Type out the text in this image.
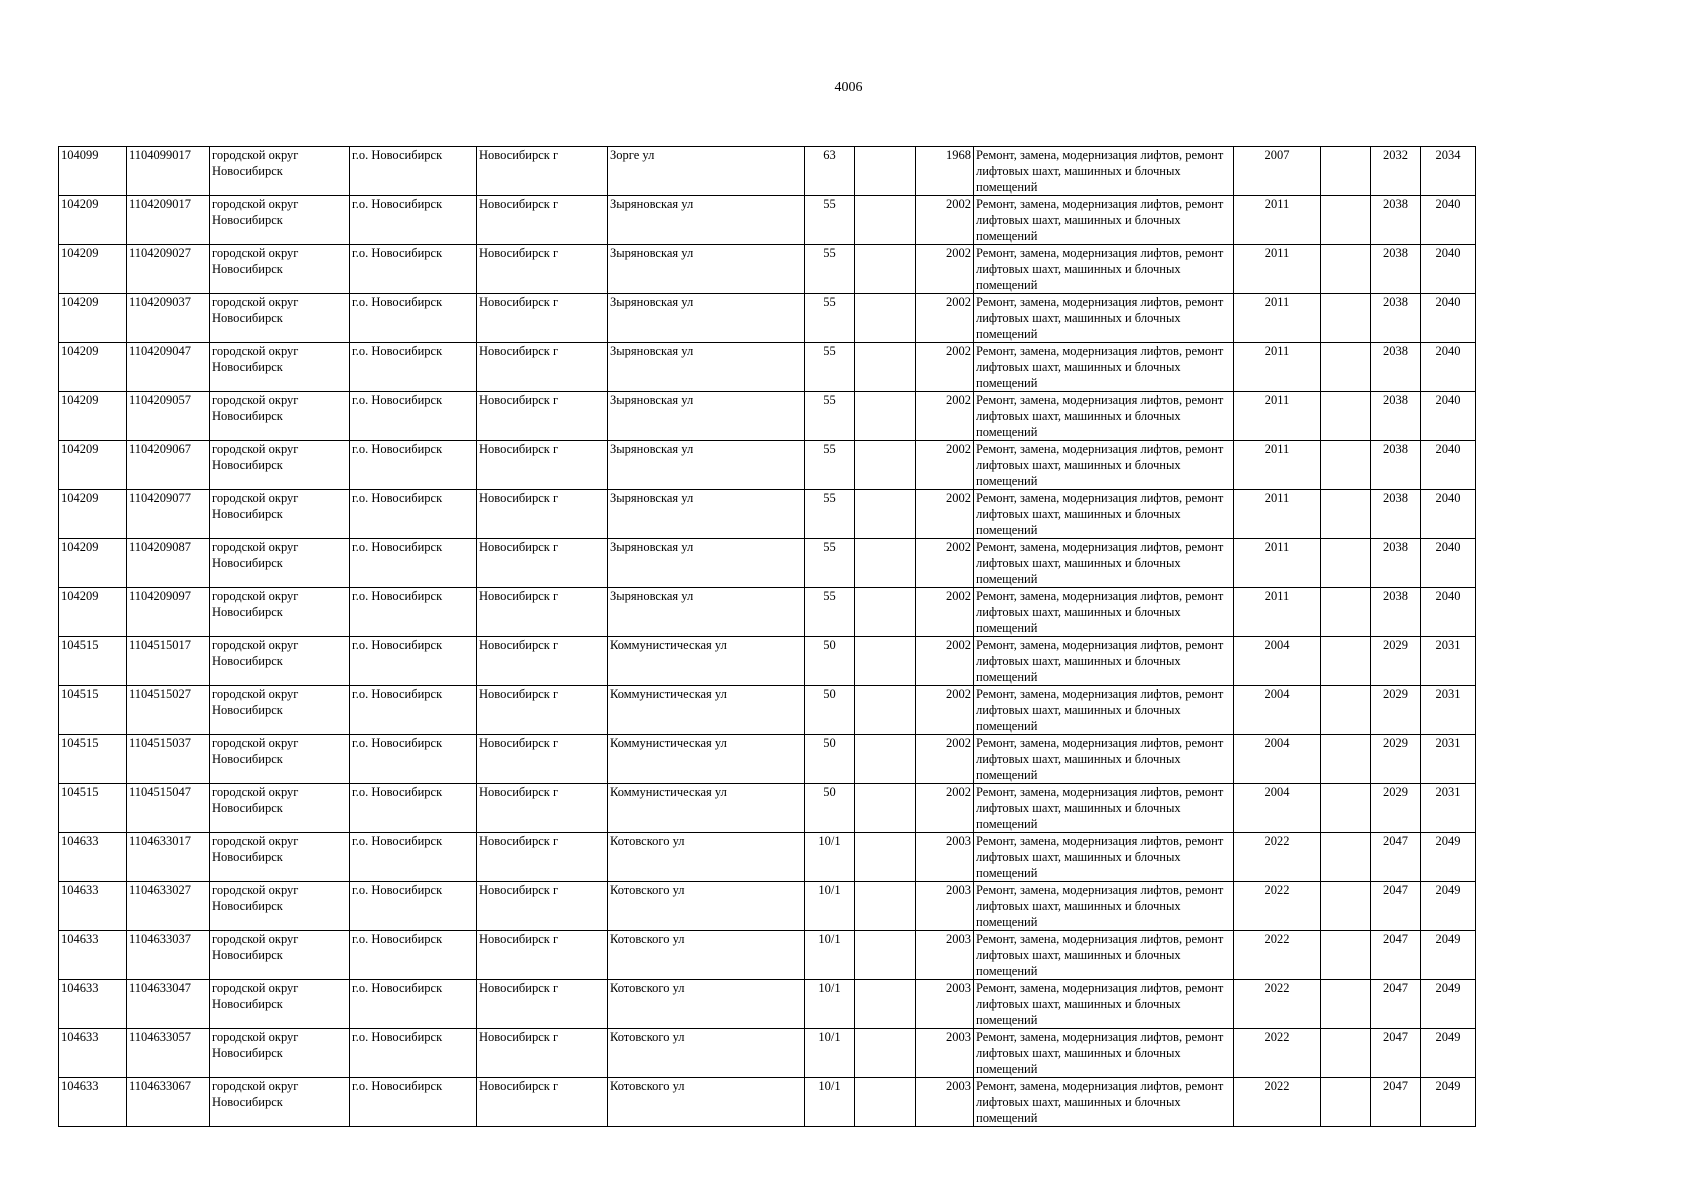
4006
104099	1104099017	городской округ Новосибирск	г.о. Новосибирск	Новосибирск г	Зорге ул	63		1968	Ремонт, замена, модернизация лифтов, ремонт лифтовых шахт, машинных и блочных помещений	2007		2032	2034
104209	1104209017	городской округ Новосибирск	г.о. Новосибирск	Новосибирск г	Зыряновская ул	55		2002	Ремонт, замена, модернизация лифтов, ремонт лифтовых шахт, машинных и блочных помещений	2011		2038	2040
104209	1104209027	городской округ Новосибирск	г.о. Новосибирск	Новосибирск г	Зыряновская ул	55		2002	Ремонт, замена, модернизация лифтов, ремонт лифтовых шахт, машинных и блочных помещений	2011		2038	2040
104209	1104209037	городской округ Новосибирск	г.о. Новосибирск	Новосибирск г	Зыряновская ул	55		2002	Ремонт, замена, модернизация лифтов, ремонт лифтовых шахт, машинных и блочных помещений	2011		2038	2040
104209	1104209047	городской округ Новосибирск	г.о. Новосибирск	Новосибирск г	Зыряновская ул	55		2002	Ремонт, замена, модернизация лифтов, ремонт лифтовых шахт, машинных и блочных помещений	2011		2038	2040
104209	1104209057	городской округ Новосибирск	г.о. Новосибирск	Новосибирск г	Зыряновская ул	55		2002	Ремонт, замена, модернизация лифтов, ремонт лифтовых шахт, машинных и блочных помещений	2011		2038	2040
104209	1104209067	городской округ Новосибирск	г.о. Новосибирск	Новосибирск г	Зыряновская ул	55		2002	Ремонт, замена, модернизация лифтов, ремонт лифтовых шахт, машинных и блочных помещений	2011		2038	2040
104209	1104209077	городской округ Новосибирск	г.о. Новосибирск	Новосибирск г	Зыряновская ул	55		2002	Ремонт, замена, модернизация лифтов, ремонт лифтовых шахт, машинных и блочных помещений	2011		2038	2040
104209	1104209087	городской округ Новосибирск	г.о. Новосибирск	Новосибирск г	Зыряновская ул	55		2002	Ремонт, замена, модернизация лифтов, ремонт лифтовых шахт, машинных и блочных помещений	2011		2038	2040
104209	1104209097	городской округ Новосибирск	г.о. Новосибирск	Новосибирск г	Зыряновская ул	55		2002	Ремонт, замена, модернизация лифтов, ремонт лифтовых шахт, машинных и блочных помещений	2011		2038	2040
104515	1104515017	городской округ Новосибирск	г.о. Новосибирск	Новосибирск г	Коммунистическая ул	50		2002	Ремонт, замена, модернизация лифтов, ремонт лифтовых шахт, машинных и блочных помещений	2004		2029	2031
104515	1104515027	городской округ Новосибирск	г.о. Новосибирск	Новосибирск г	Коммунистическая ул	50		2002	Ремонт, замена, модернизация лифтов, ремонт лифтовых шахт, машинных и блочных помещений	2004		2029	2031
104515	1104515037	городской округ Новосибирск	г.о. Новосибирск	Новосибирск г	Коммунистическая ул	50		2002	Ремонт, замена, модернизация лифтов, ремонт лифтовых шахт, машинных и блочных помещений	2004		2029	2031
104515	1104515047	городской округ Новосибирск	г.о. Новосибирск	Новосибирск г	Коммунистическая ул	50		2002	Ремонт, замена, модернизация лифтов, ремонт лифтовых шахт, машинных и блочных помещений	2004		2029	2031
104633	1104633017	городской округ Новосибирск	г.о. Новосибирск	Новосибирск г	Котовского ул	10/1		2003	Ремонт, замена, модернизация лифтов, ремонт лифтовых шахт, машинных и блочных помещений	2022		2047	2049
104633	1104633027	городской округ Новосибирск	г.о. Новосибирск	Новосибирск г	Котовского ул	10/1		2003	Ремонт, замена, модернизация лифтов, ремонт лифтовых шахт, машинных и блочных помещений	2022		2047	2049
104633	1104633037	городской округ Новосибирск	г.о. Новосибирск	Новосибирск г	Котовского ул	10/1		2003	Ремонт, замена, модернизация лифтов, ремонт лифтовых шахт, машинных и блочных помещений	2022		2047	2049
104633	1104633047	городской округ Новосибирск	г.о. Новосибирск	Новосибирск г	Котовского ул	10/1		2003	Ремонт, замена, модернизация лифтов, ремонт лифтовых шахт, машинных и блочных помещений	2022		2047	2049
104633	1104633057	городской округ Новосибирск	г.о. Новосибирск	Новосибирск г	Котовского ул	10/1		2003	Ремонт, замена, модернизация лифтов, ремонт лифтовых шахт, машинных и блочных помещений	2022		2047	2049
104633	1104633067	городской округ Новосибирск	г.о. Новосибирск	Новосибирск г	Котовского ул	10/1		2003	Ремонт, замена, модернизация лифтов, ремонт лифтовых шахт, машинных и блочных помещений	2022		2047	2049
